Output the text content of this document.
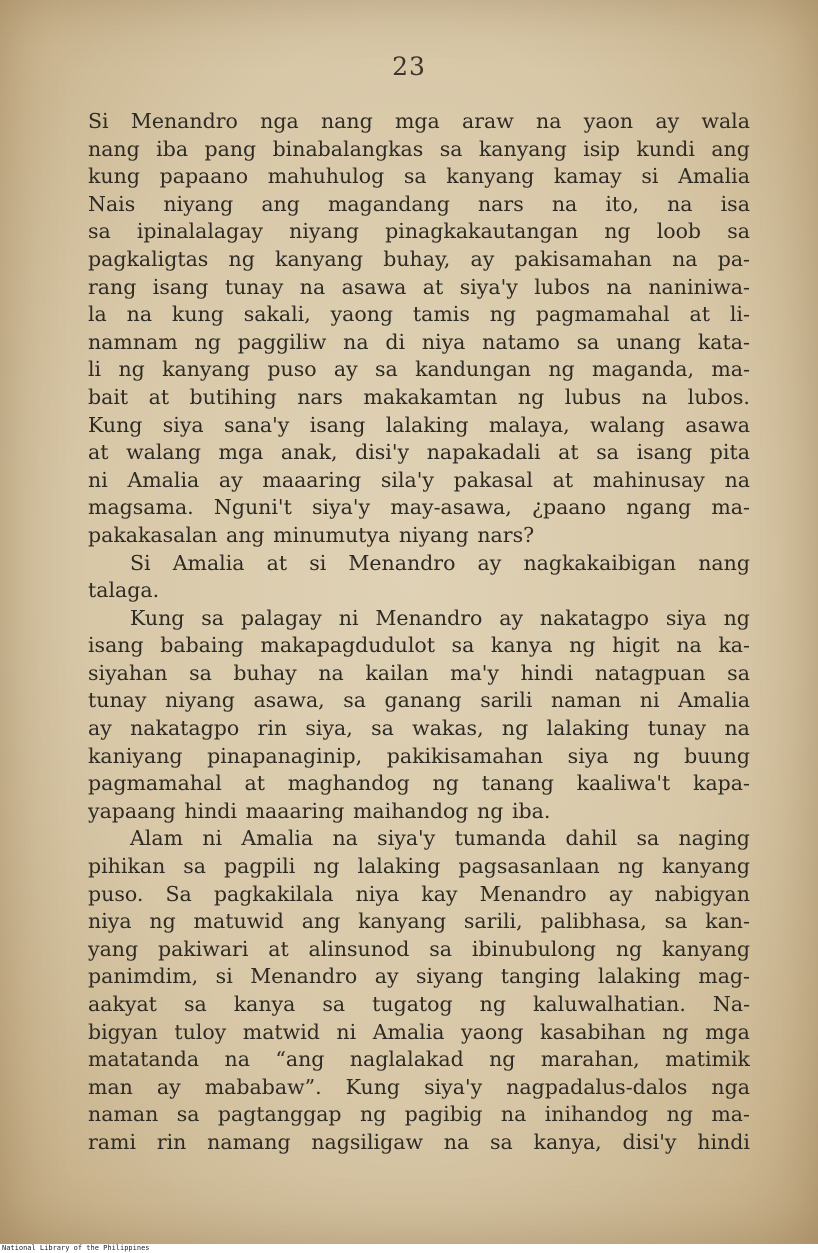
23
Si Menandro nga nang mga araw na yaon ay wala
nang iba pang binabalangkas sa kanyang isip kundi ang
kung papaano mahuhulog sa kanyang kamay si Amalia
Nais niyang ang magandang nars na ito, na isa
sa ipinalalagay niyang pinagkakautangan ng loob sa
pagkaligtas ng kanyang buhay, ay pakisamahan na pa-
rang isang tunay na asawa at siya'y lubos na naniniwa-
la na kung sakali, yaong tamis ng pagmamahal at li-
namnam ng paggiliw na di niya natamo sa unang kata-
li ng kanyang puso ay sa kandungan ng maganda, ma-
bait at butihing nars makakamtan ng lubus na lubos.
Kung siya sana'y isang lalaking malaya, walang asawa
at walang mga anak, disi'y napakadali at sa isang pita
ni Amalia ay maaaring sila'y pakasal at mahinusay na
magsama. Nguni't siya'y may-asawa, ¿paano ngang ma-
pakakasalan ang minumutya niyang nars?
Si Amalia at si Menandro ay nagkakaibigan nang
talaga.
Kung sa palagay ni Menandro ay nakatagpo siya ng
isang babaing makapagdudulot sa kanya ng higit na ka-
siyahan sa buhay na kailan ma'y hindi natagpuan sa
tunay niyang asawa, sa ganang sarili naman ni Amalia
ay nakatagpo rin siya, sa wakas, ng lalaking tunay na
kaniyang pinapanaginip, pakikisamahan siya ng buung
pagmamahal at maghandog ng tanang kaaliwa't kapa-
yapaang hindi maaaring maihandog ng iba.
Alam ni Amalia na siya'y tumanda dahil sa naging
pihikan sa pagpili ng lalaking pagsasanlaan ng kanyang
puso. Sa pagkakilala niya kay Menandro ay nabigyan
niya ng matuwid ang kanyang sarili, palibhasa, sa kan-
yang pakiwari at alinsunod sa ibinubulong ng kanyang
panimdim, si Menandro ay siyang tanging lalaking mag-
aakyat sa kanya sa tugatog ng kaluwalhatian. Na-
bigyan tuloy matwid ni Amalia yaong kasabihan ng mga
matatanda na “ang naglalakad ng marahan, matimik
man ay mababaw”. Kung siya'y nagpadalus-dalos nga
naman sa pagtanggap ng pagibig na inihandog ng ma-
rami rin namang nagsiligaw na sa kanya, disi'y hindi
National Library of the Philippines
